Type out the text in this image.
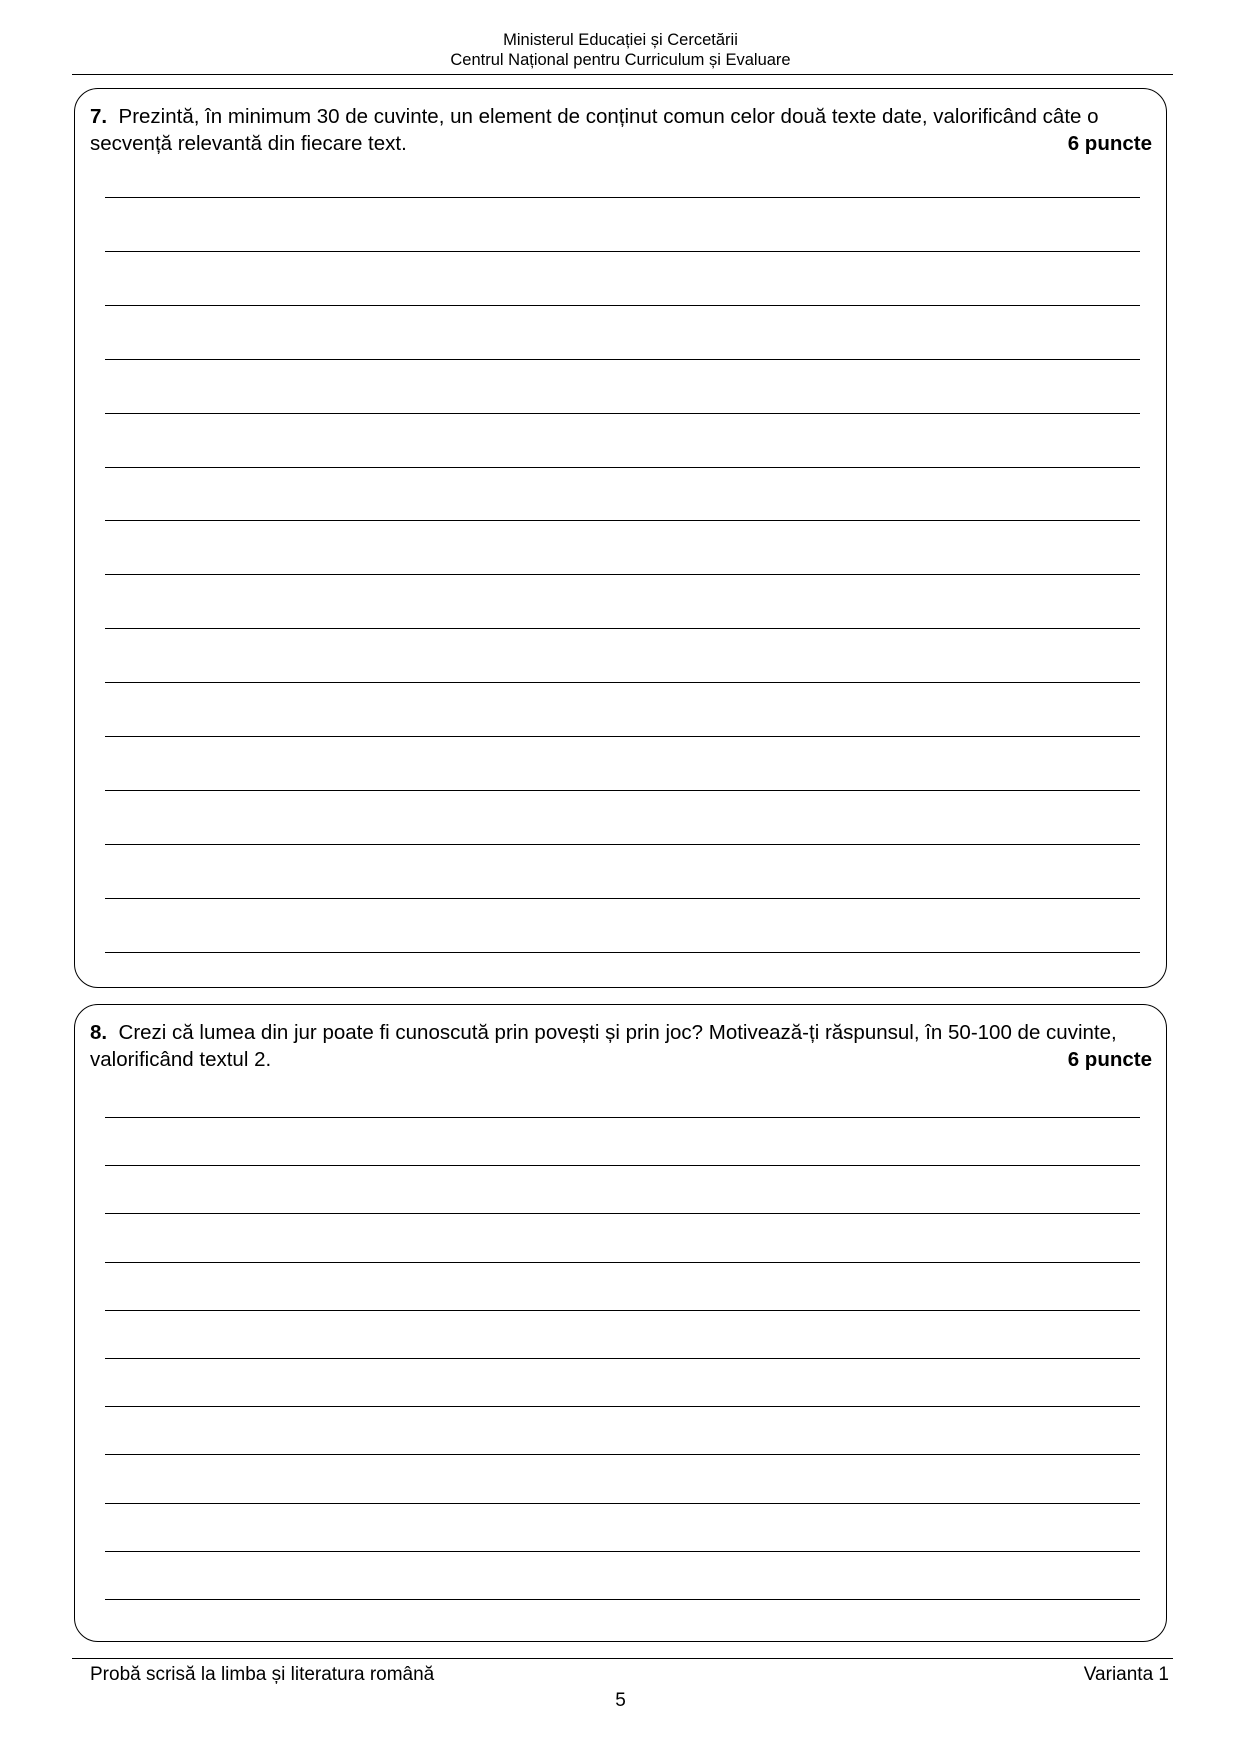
Ministerul Educației și Cercetării
Centrul Național pentru Curriculum și Evaluare
7. Prezintă, în minimum 30 de cuvinte, un element de conținut comun celor două texte date, valorificând câte o secvență relevantă din fiecare text.	6 puncte
8. Crezi că lumea din jur poate fi cunoscută prin povești și prin joc? Motivează-ți răspunsul, în 50-100 de cuvinte, valorificând textul 2.	6 puncte
Probă scrisă la limba și literatura română	Varianta 1
5
